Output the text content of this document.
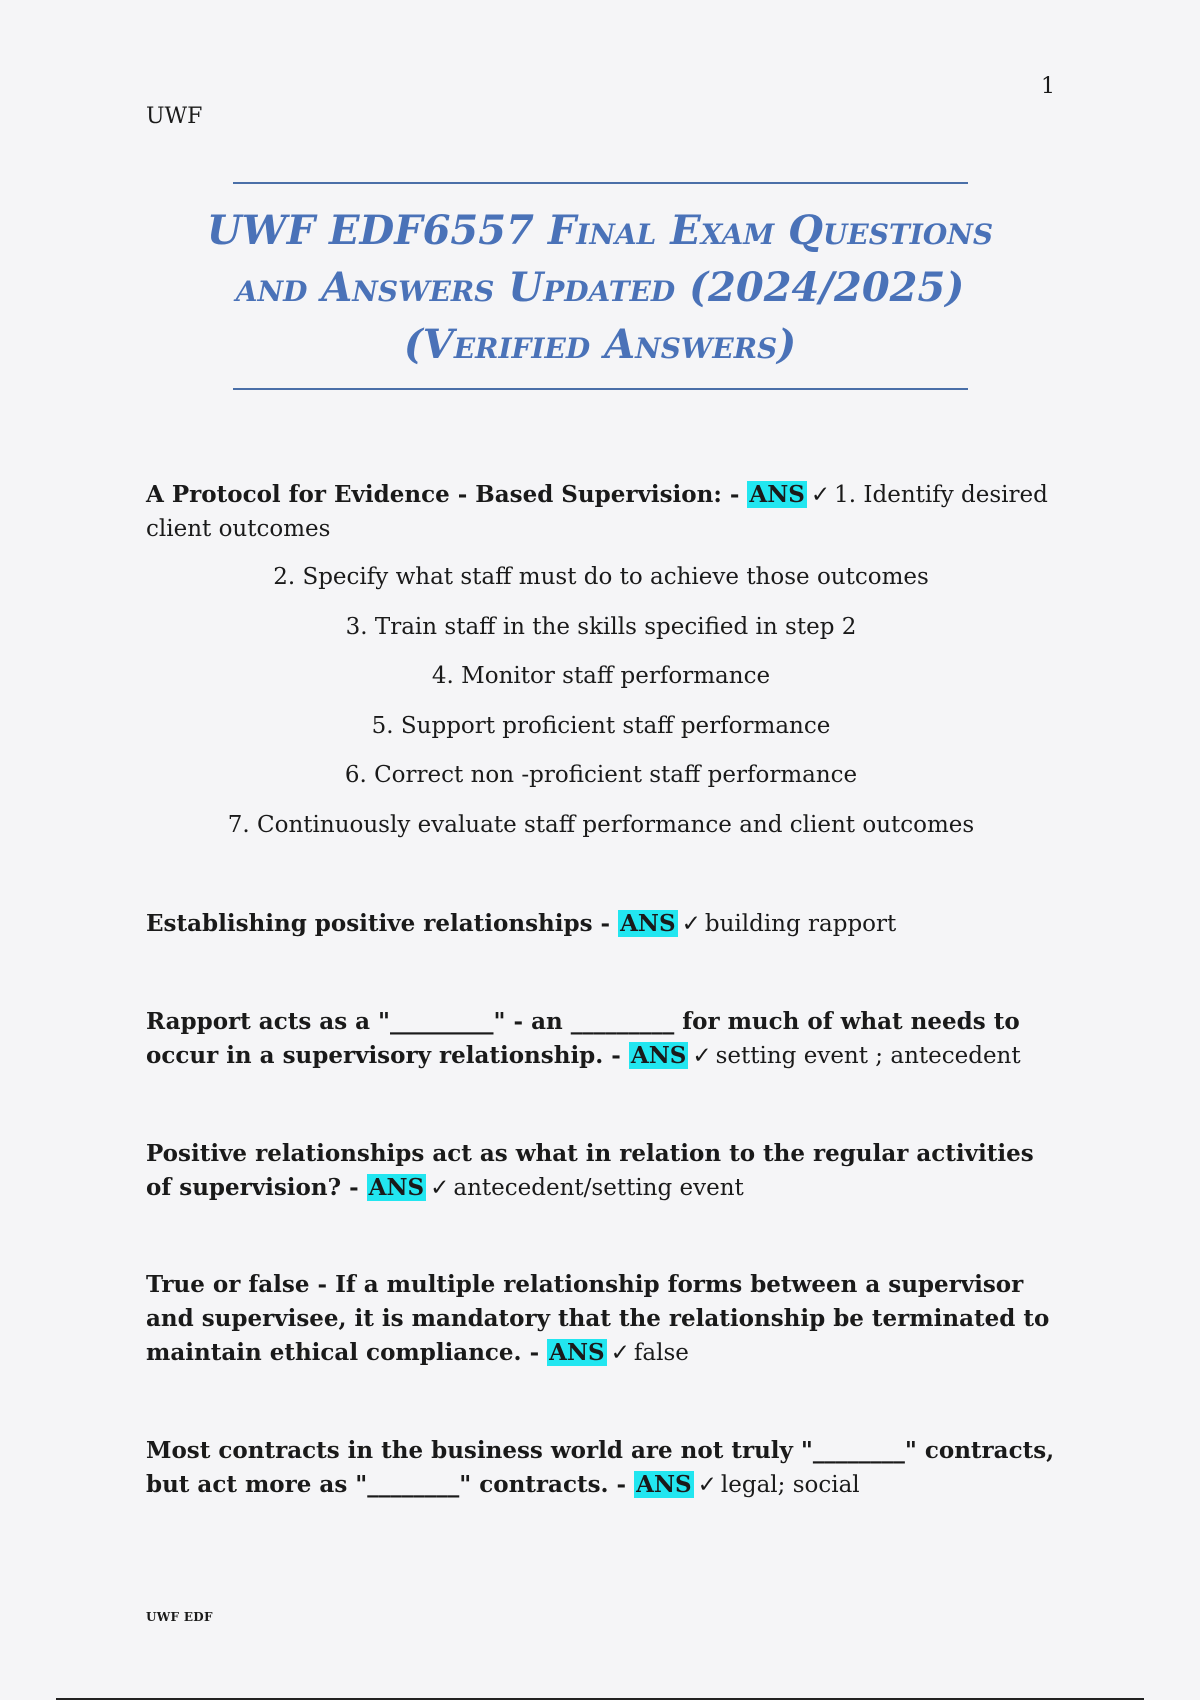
1
UWF
UWF EDF6557 Final Exam Questions
and Answers Updated (2024/2025)
(Verified Answers)
A Protocol for Evidence - Based Supervision: - ANS ✓ 1. Identify desired client outcomes
2. Specify what staff must do to achieve those outcomes
3. Train staff in the skills specified in step 2
4. Monitor staff performance
5. Support proficient staff performance
6. Correct non -proficient staff performance
7. Continuously evaluate staff performance and client outcomes
Establishing positive relationships - ANS ✓ building rapport
Rapport acts as a "_________" - an _________ for much of what needs to occur in a supervisory relationship. - ANS ✓ setting event ; antecedent
Positive relationships act as what in relation to the regular activities of supervision? - ANS ✓ antecedent/setting event
True or false - If a multiple relationship forms between a supervisor and supervisee, it is mandatory that the relationship be terminated to maintain ethical compliance. - ANS ✓ false
Most contracts in the business world are not truly "________" contracts, but act more as "________" contracts. - ANS ✓ legal; social
UWF EDF
